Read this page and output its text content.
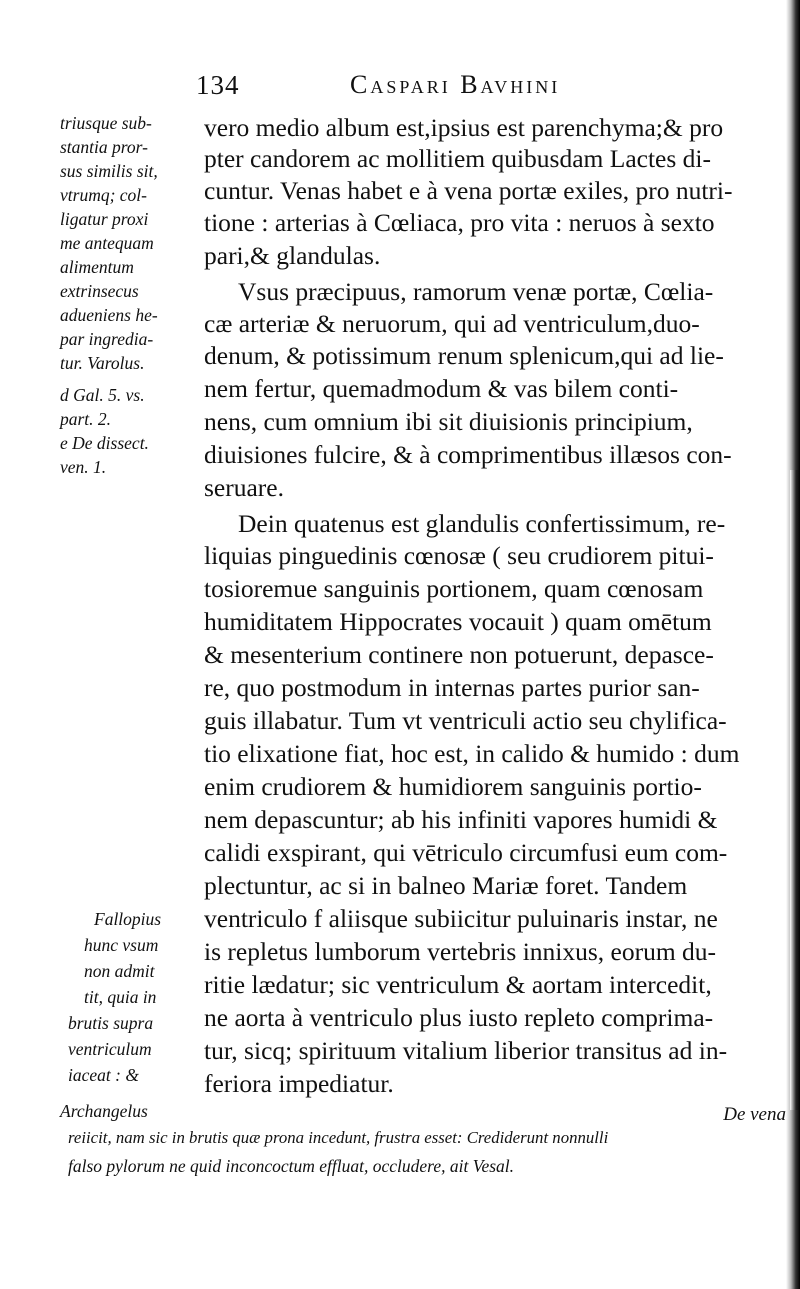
134	Caspari Bavhini
vero medio album est,ipsius est parenchyma;& pro
pter candorem ac mollitiem quibusdam Lactes di-
cuntur. Venas habet e à vena portæ exiles, pro nutri-
tione : arterias à Cœliaca, pro vita : neruos à sexto
pari,& glandulas.
Vsus præcipuus, ramorum venæ portæ, Cœlia-
cæ arteriæ & neruorum, qui ad ventriculum,duo-
denum, & potissimum renum splenicum,qui ad lie-
nem fertur, quemadmodum & vas bilem conti-
nens, cum omnium ibi sit diuisionis principium,
diuisiones fulcire, & à comprimentibus illæsos con-
seruare.
Dein quatenus est glandulis confertissimum, re-
liquias pinguedinis cœnosæ ( seu crudiorem pitui-
tosioremue sanguinis portionem, quam cœnosam
humiditatem Hippocrates vocauit ) quam omētum
& mesenterium continere non potuerunt, depasce-
re, quo postmodum in internas partes purior san-
guis illabatur. Tum vt ventriculi actio seu chylifica-
tio elixatione fiat, hoc est, in calido & humido : dum
enim crudiorem & humidiorem sanguinis portio-
nem depascuntur; ab his infiniti vapores humidi &
calidi exspirant, qui vētriculo circumfusi eum com-
plectuntur, ac si in balneo Mariæ foret. Tandem
ventriculo f aliisque subiicitur puluinaris instar, ne
is repletus lumborum vertebris innixus, eorum du-
ritie lædatur; sic ventriculum & aortam intercedit,
ne aorta à ventriculo plus iusto repleto comprima-
tur, sicq; spirituum vitalium liberior transitus ad in-
feriora impediatur.
triusque sub-
stantia pror-
sus similis sit,
vtrumq; col-
ligatur proxi
me antequam
alimentum
extrinsecus
adueniens he-
par ingredia-
tur. Varolus.
d Gal. 5. vs.
part. 2.
e De dissect.
ven. 1.
Fallopius
hunc vsum
non admit
tit, quia in
brutis supra
ventriculum
iaceat : &
Archangelus	De vena
reiicit, nam sic in brutis quæ prona incedunt, frustra esset: Crediderunt nonnulli
falso pylorum ne quid inconcoctum effluat, occludere, ait Vesal.
